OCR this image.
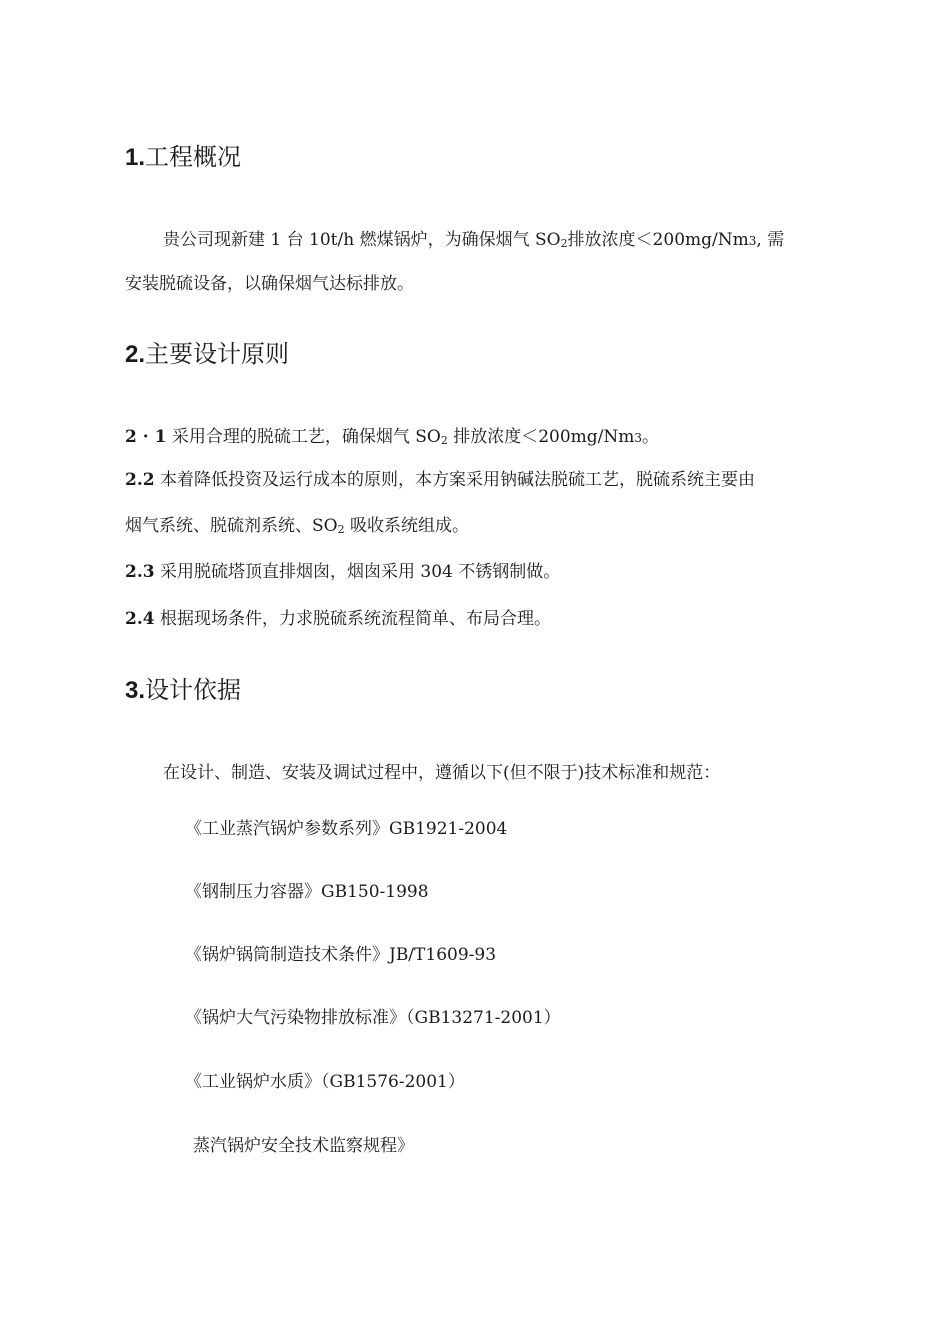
1.工程概况
贵公司现新建 1 台 10t/h 燃煤锅炉，为确保烟气 SO2排放浓度＜200mg/Nm3, 需
安装脱硫设备，以确保烟气达标排放。
2.主要设计原则
2 · 1 采用合理的脱硫工艺，确保烟气 SO2 排放浓度＜200mg/Nm3。
2.2 本着降低投资及运行成本的原则，本方案采用钠碱法脱硫工艺，脱硫系统主要由
烟气系统、脱硫剂系统、SO2 吸收系统组成。
2.3 采用脱硫塔顶直排烟囱，烟囱采用 304 不锈钢制做。
2.4 根据现场条件，力求脱硫系统流程简单、布局合理。
3.设计依据
在设计、制造、安装及调试过程中，遵循以下(但不限于)技术标准和规范：
《工业蒸汽锅炉参数系列》GB1921-2004
《钢制压力容器》GB150-1998
《锅炉锅筒制造技术条件》JB/T1609-93
《锅炉大气污染物排放标准》（GB13271-2001）
《工业锅炉水质》（GB1576-2001）
蒸汽锅炉安全技术监察规程》
